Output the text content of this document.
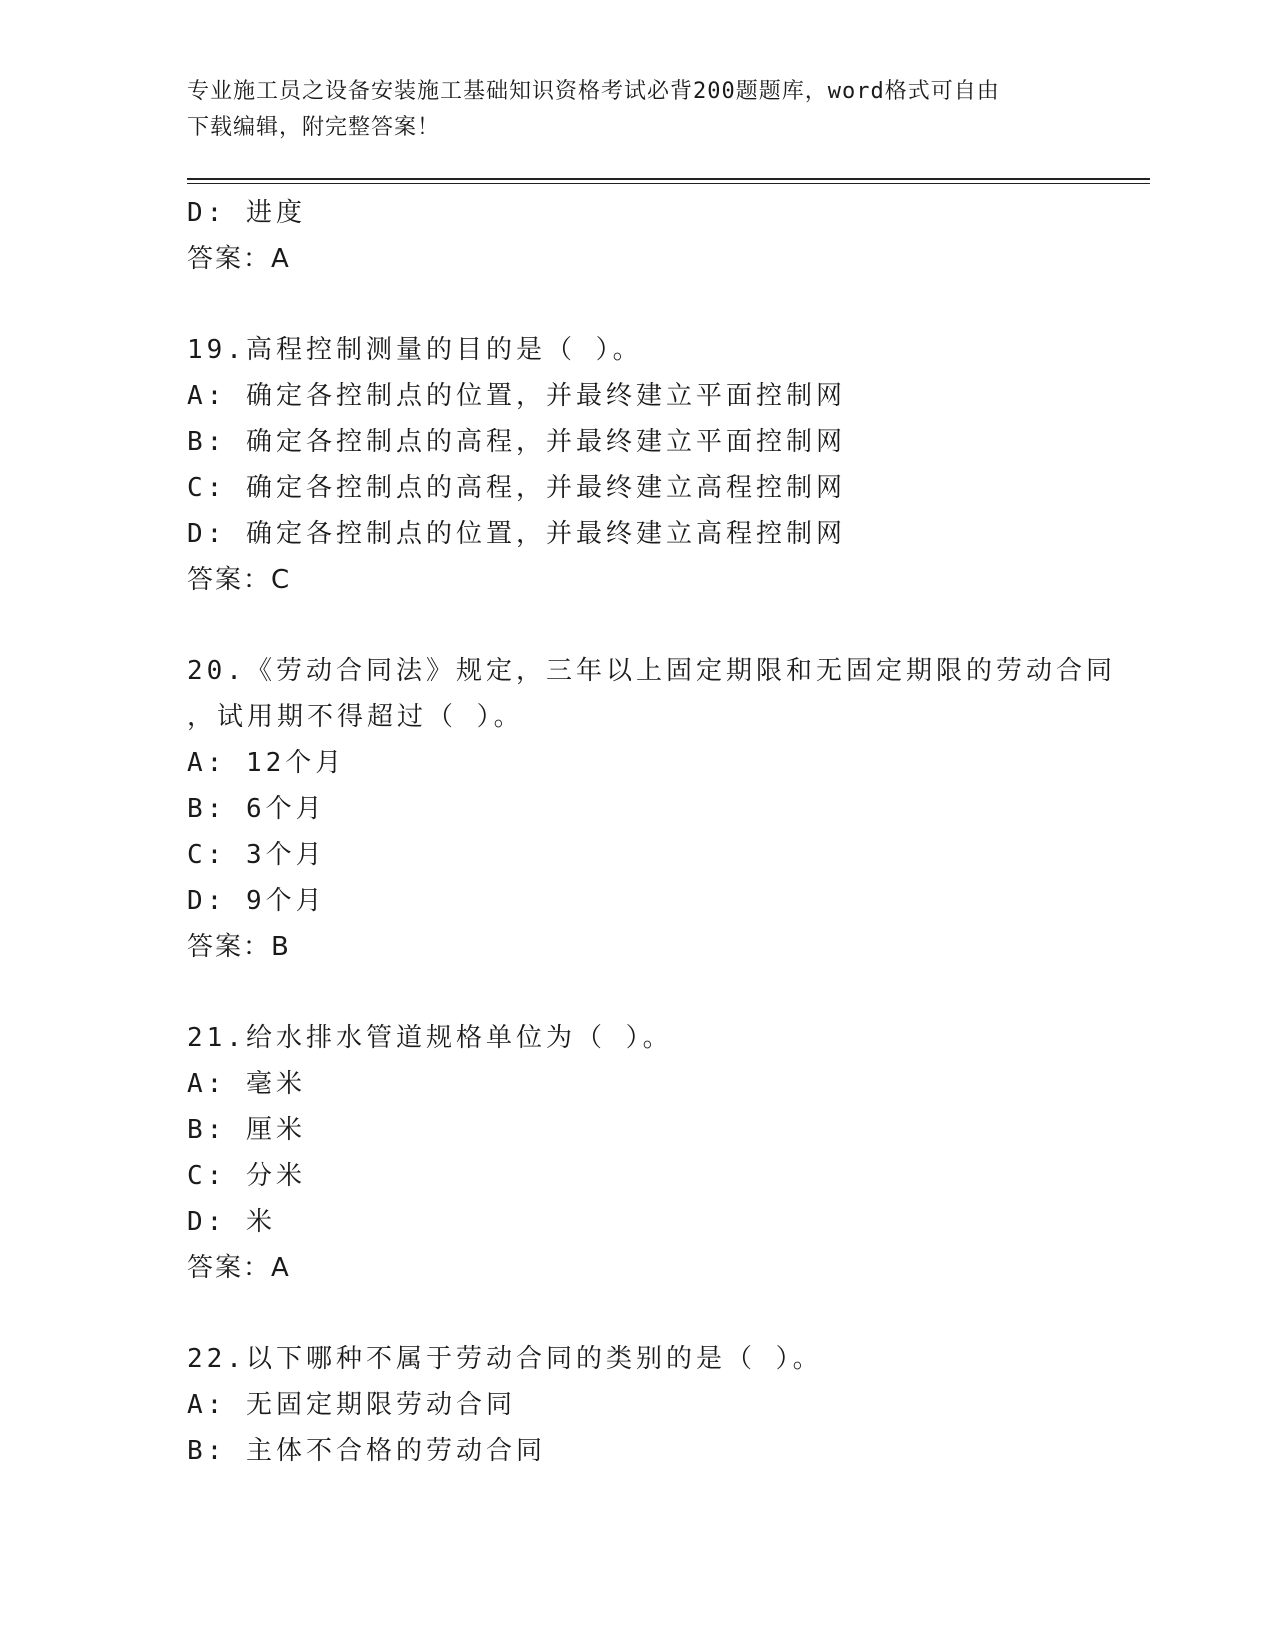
专业施工员之设备安装施工基础知识资格考试必背200题题库，word格式可自由
下载编辑，附完整答案！
D: 进度
答案：A
19.高程控制测量的目的是（ ）。
A: 确定各控制点的位置，并最终建立平面控制网
B: 确定各控制点的高程，并最终建立平面控制网
C: 确定各控制点的高程，并最终建立高程控制网
D: 确定各控制点的位置，并最终建立高程控制网
答案：C
20.《劳动合同法》规定，三年以上固定期限和无固定期限的劳动合同
，试用期不得超过（ ）。
A: 12个月
B: 6个月
C: 3个月
D: 9个月
答案：B
21.给水排水管道规格单位为（ ）。
A: 毫米
B: 厘米
C: 分米
D: 米
答案：A
22.以下哪种不属于劳动合同的类别的是（ ）。
A: 无固定期限劳动合同
B: 主体不合格的劳动合同
